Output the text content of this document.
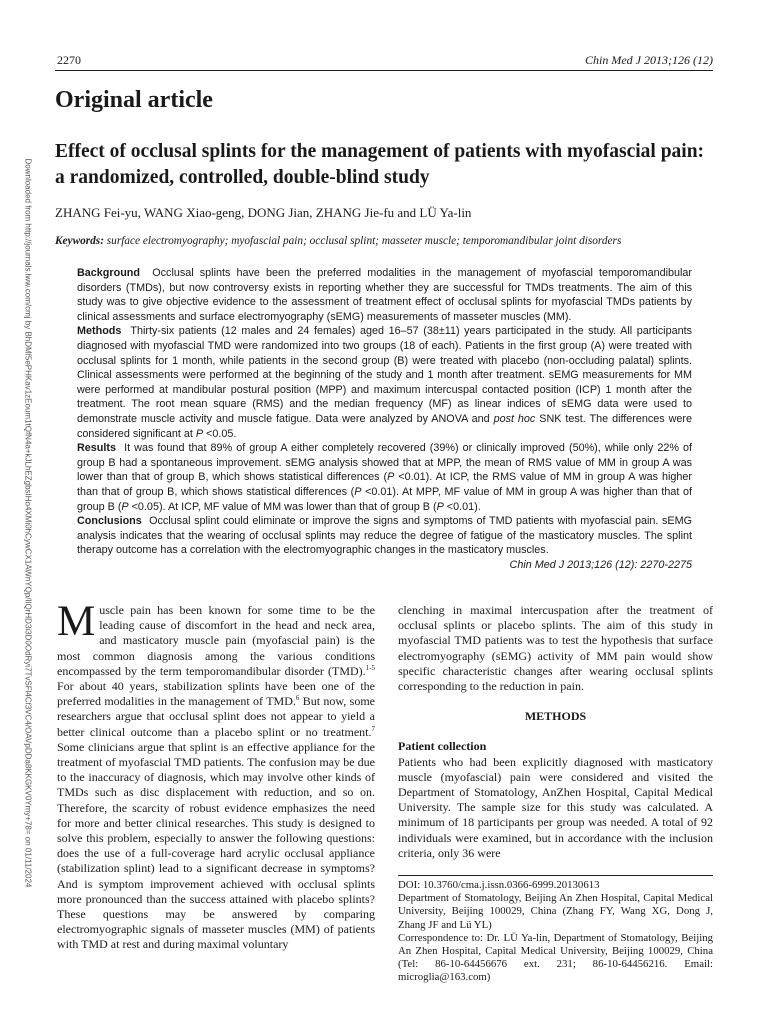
2270	Chin Med J 2013;126 (12)
Original article
Effect of occlusal splints for the management of patients with myofascial pain: a randomized, controlled, double-blind study
ZHANG Fei-yu, WANG Xiao-geng, DONG Jian, ZHANG Jie-fu and LÜ Ya-lin
Keywords: surface electromyography; myofascial pain; occlusal splint; masseter muscle; temporomandibular joint disorders
Downloaded from http://journals.lww.com/cmj by BhDMf5ePHKav1zEoum1tQfN4a+kJLhEZgbsIHo4XMi0hCywCX1AWnYQp/IlQrHD3i3D0OdRyi7TvSFl4Cf3VC4/OAVpDDa8KKGKV0Ymy+78= on 01/11/2024	Background Occlusal splints have been the preferred modalities in the management of myofascial temporomandibular disorders (TMDs), but now controversy exists in reporting whether they are successful for TMDs treatments. The aim of this study was to give objective evidence to the assessment of treatment effect of occlusal splints for myofascial TMDs patients by clinical assessments and surface electromyography (sEMG) measurements of masseter muscles (MM).

Methods Thirty-six patients (12 males and 24 females) aged 16–57 (38±11) years participated in the study. All participants diagnosed with myofascial TMD were randomized into two groups (18 of each). Patients in the first group (A) were treated with occlusal splints for 1 month, while patients in the second group (B) were treated with placebo (non-occluding palatal) splints. Clinical assessments were performed at the beginning of the study and 1 month after treatment. sEMG measurements for MM were performed at mandibular postural position (MPP) and maximum intercuspal contacted position (ICP) 1 month after the treatment. The root mean square (RMS) and the median frequency (MF) as linear indices of sEMG data were used to demonstrate muscle activity and muscle fatigue. Data were analyzed by ANOVA and post hoc SNK test. The differences were considered significant at P <0.05.

Results It was found that 89% of group A either completely recovered (39%) or clinically improved (50%), while only 22% of group B had a spontaneous improvement. sEMG analysis showed that at MPP, the mean of RMS value of MM in group A was lower than that of group B, which shows statistical differences (P <0.01). At ICP, the RMS value of MM in group A was higher than that of group B, which shows statistical differences (P <0.01). At MPP, MF value of MM in group A was higher than that of group B (P <0.05). At ICP, MF value of MM was lower than that of group B (P <0.01).

Conclusions Occlusal splint could eliminate or improve the signs and symptoms of TMD patients with myofascial pain. sEMG analysis indicates that the wearing of occlusal splints may reduce the degree of fatigue of the masticatory muscles. The splint therapy outcome has a correlation with the electromyographic changes in the masticatory muscles.

Chin Med J 2013;126 (12): 2270-2275

Muscle pain has been known for some time to be the leading cause of discomfort in the head and neck area, and masticatory muscle pain (myofascial pain) is the most common diagnosis among the various conditions encompassed by the term temporomandibular disorder (TMD).$^{1-5}$ For about 40 years, stabilization splints have been one of the preferred modalities in the management of TMD.$^6$ But now, some researchers argue that occlusal splint does not appear to yield a better clinical outcome than a placebo splint or no treatment.$^7$ Some clinicians argue that splint is an effective appliance for the treatment of myofascial TMD patients. The confusion may be due to the inaccuracy of diagnosis, which may involve other kinds of TMDs such as disc displacement with reduction, and so on. Therefore, the scarcity of robust evidence emphasizes the need for more and better clinical researches. This study is designed to solve this problem, especially to answer the following questions: does the use of a full-coverage hard acrylic occlusal appliance (stabilization splint) lead to a significant decrease in symptoms? And is symptom improvement achieved with occlusal splints more pronounced than the success attained with placebo splints? These questions may be answered by comparing electromyographic signals of masseter muscles (MM) of patients with TMD at rest and during maximal voluntary

clenching in maximal intercuspation after the treatment of occlusal splints or placebo splints. The aim of this study in myofascial TMD patients was to test the hypothesis that surface electromyography (sEMG) activity of MM pain would show specific characteristic changes after wearing occlusal splints corresponding to the reduction in pain.

METHODS

Patient collection

Patients who had been explicitly diagnosed with masticatory muscle (myofascial) pain were considered and visited the Department of Stomatology, AnZhen Hospital, Capital Medical University. The sample size for this study was calculated. A minimum of 18 participants per group was needed. A total of 92 individuals were examined, but in accordance with the inclusion criteria, only 36 were

DOI: 10.3760/cma.j.issn.0366-6999.20130613

Department of Stomatology, Beijing An Zhen Hospital, Capital Medical University, Beijing 100029, China (Zhang FY, Wang XG, Dong J, Zhang JF and Lü YL)

Correspondence to: Dr. LÜ Ya-lin, Department of Stomatology, Beijing An Zhen Hospital, Capital Medical University, Beijing 100029, China (Tel: 86-10-64456676 ext. 231; 86-10-64456216. Email: microglia@163.com)
